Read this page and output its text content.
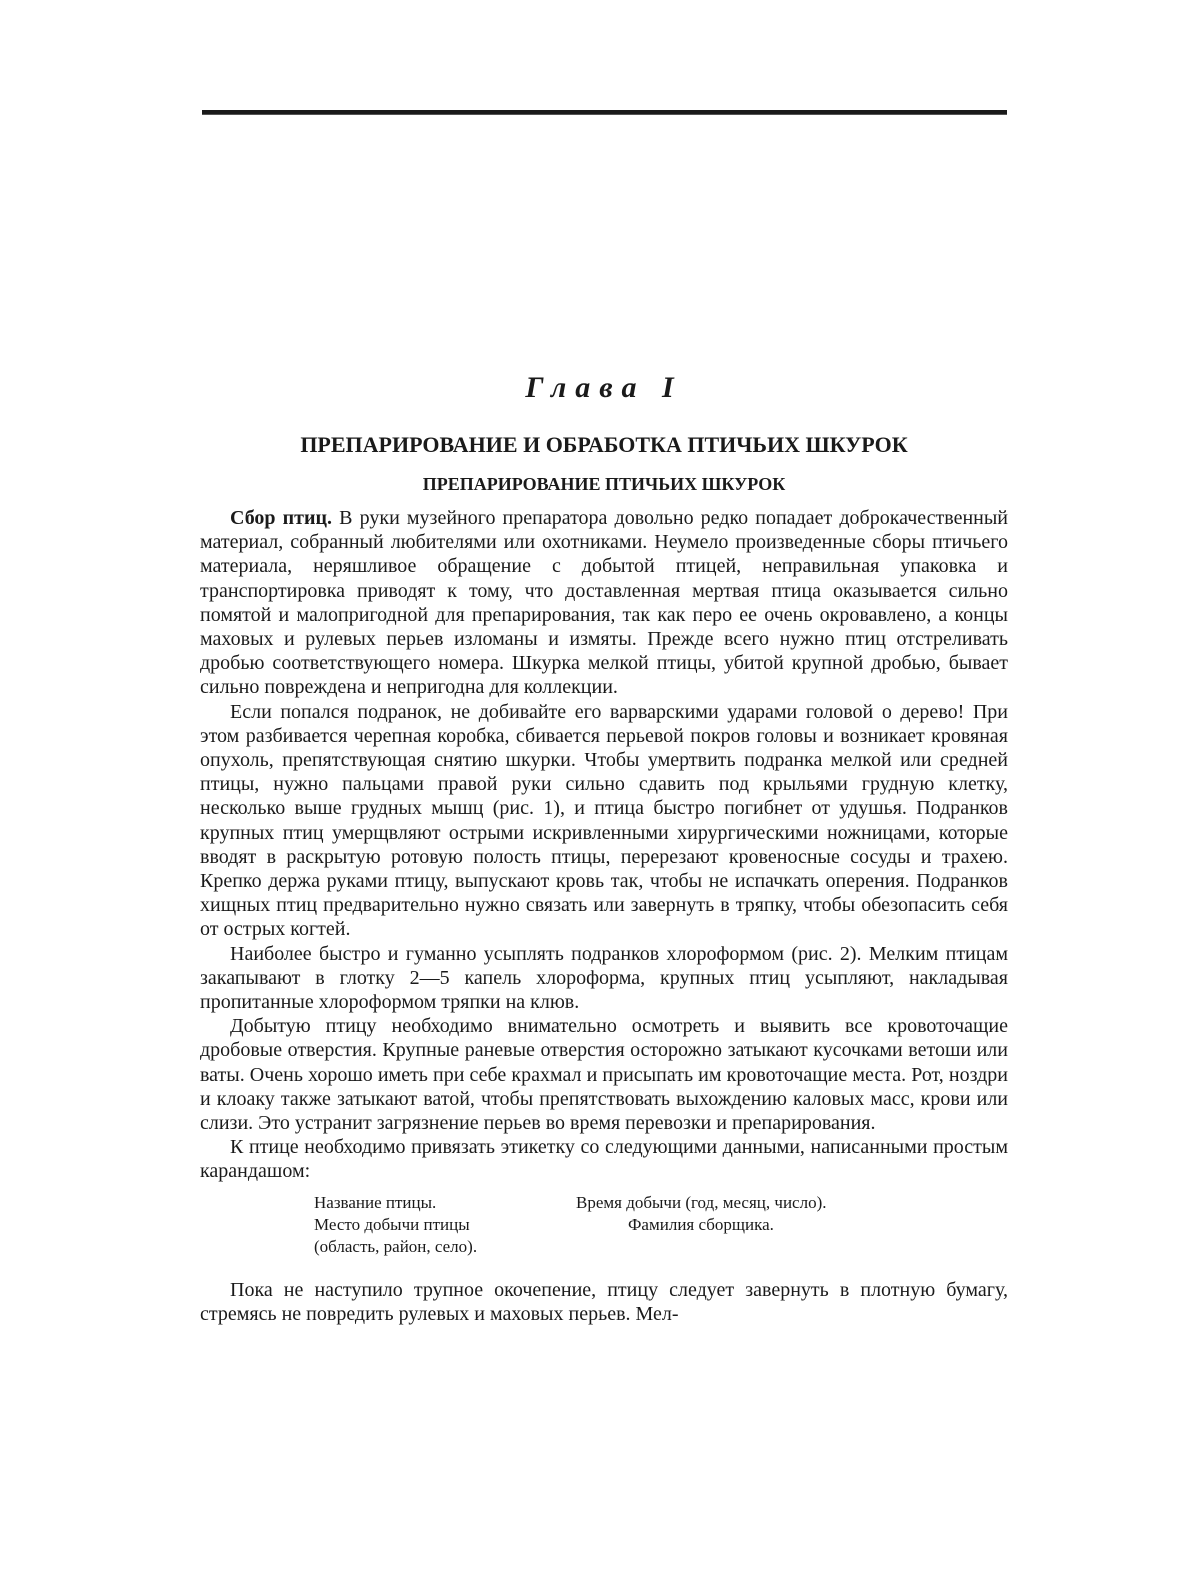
Глава I
ПРЕПАРИРОВАНИЕ И ОБРАБОТКА ПТИЧЬИХ ШКУРОК
ПРЕПАРИРОВАНИЕ ПТИЧЬИХ ШКУРОК

Сбор птиц. В руки музейного препаратора довольно редко попадает доброкачественный материал, собранный любителями или охотниками. Неумело произведенные сборы птичьего материала, неряшливое обращение с добытой птицей, неправильная упаковка и транспортировка приводят к тому, что доставленная мертвая птица оказывается сильно помятой и малопригодной для препарирования, так как перо ее очень окровавлено, а концы маховых и рулевых перьев изломаны и измяты. Прежде всего нужно птиц отстреливать дробью соответствующего номера. Шкурка мелкой птицы, убитой крупной дробью, бывает сильно повреждена и непригодна для коллекции.

Если попался подранок, не добивайте его варварскими ударами головой о дерево! При этом разбивается черепная коробка, сбивается перьевой покров головы и возникает кровяная опухоль, препятствующая снятию шкурки. Чтобы умертвить подранка мелкой или средней птицы, нужно пальцами правой руки сильно сдавить под крыльями грудную клетку, несколько выше грудных мышц (рис. 1), и птица быстро погибнет от удушья. Подранков крупных птиц умерщвляют острыми искривленными хирургическими ножницами, которые вводят в раскрытую ротовую полость птицы, перерезают кровеносные сосуды и трахею. Крепко держа руками птицу, выпускают кровь так, чтобы не испачкать оперения. Подранков хищных птиц предварительно нужно связать или завернуть в тряпку, чтобы обезопасить себя от острых когтей.

Наиболее быстро и гуманно усыплять подранков хлороформом (рис. 2). Мелким птицам закапывают в глотку 2—5 капель хлороформа, крупных птиц усыпляют, накладывая пропитанные хлороформом тряпки на клюв.

Добытую птицу необходимо внимательно осмотреть и выявить все кровоточащие дробовые отверстия. Крупные раневые отверстия осторожно затыкают кусочками ветоши или ваты. Очень хорошо иметь при себе крахмал и присыпать им кровоточащие места. Рот, ноздри и клоаку также затыкают ватой, чтобы препятствовать выхождению каловых масс, крови или слизи. Это устранит загрязнение перьев во время перевозки и препарирования.

К птице необходимо привязать этикетку со следующими данными, написанными простым карандашом:

Название птицы.
Место добычи птицы
(область, район, село).
Время добычи (год, месяц, число).
Фамилия сборщика.

Пока не наступило трупное окочепение, птицу следует завернуть в плотную бумагу, стремясь не повредить рулевых и маховых перьев. Мел-
